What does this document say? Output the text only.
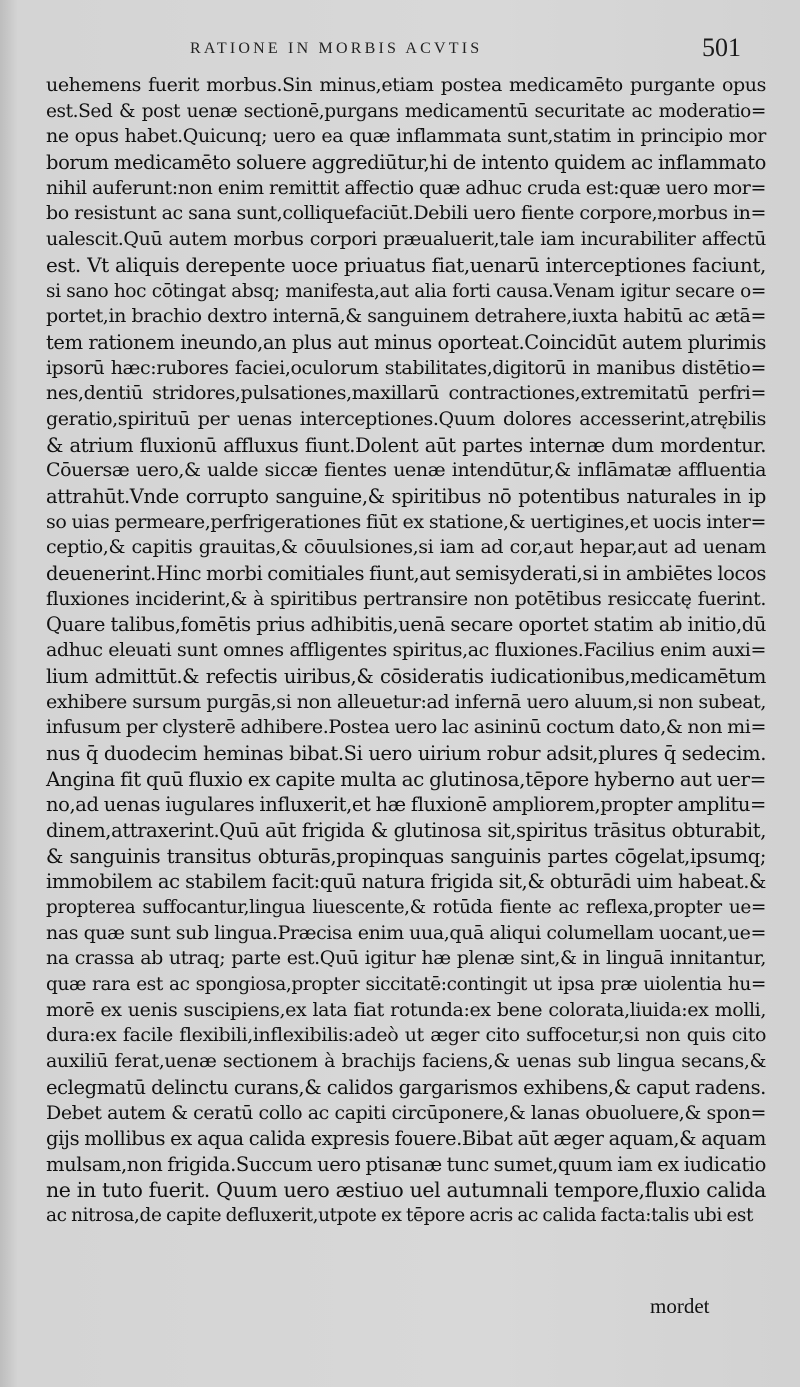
RATIONE IN MORBIS ACVTIS	501
uehemens fuerit morbus.Sin minus,etiam postea medicamēto purgante opus
est.Sed & post uenæ sectionē,purgans medicamentū securitate ac moderatio=
ne opus habet.Quicunq; uero ea quæ inflammata sunt,statim in principio mor
borum medicamēto soluere aggrediūtur,hi de intento quidem ac inflammato
nihil auferunt:non enim remittit affectio quæ adhuc cruda est:quæ uero mor=
bo resistunt ac sana sunt,colliquefaciūt.Debili uero fiente corpore,morbus in=
ualescit.Quū autem morbus corpori præualuerit,tale iam incurabiliter affectū
est. Vt aliquis derepente uoce priuatus fiat,uenarū interceptiones faciunt,
si sano hoc cōtingat absq; manifesta,aut alia forti causa.Venam igitur secare o=
portet,in brachio dextro internā,& sanguinem detrahere,iuxta habitū ac ætā=
tem rationem ineundo,an plus aut minus oporteat.Coincidūt autem plurimis
ipsorū hæc:rubores faciei,oculorum stabilitates,digitorū in manibus distētio=
nes,dentiū stridores,pulsationes,maxillarū contractiones,extremitatū perfri=
geratio,spirituū per uenas interceptiones.Quum dolores accesserint,atrębilis
& atrium fluxionū affluxus fiunt.Dolent aūt partes internæ dum mordentur.
Cōuersæ uero,& ualde siccæ fientes uenæ intendūtur,& inflāmatæ affluentia
attrahūt.Vnde corrupto sanguine,& spiritibus nō potentibus naturales in ip
so uias permeare,perfrigerationes fiūt ex statione,& uertigines,et uocis inter=
ceptio,& capitis grauitas,& cōuulsiones,si iam ad cor,aut hepar,aut ad uenam
deuenerint.Hinc morbi comitiales fiunt,aut semisyderati,si in ambiētes locos
fluxiones inciderint,& à spiritibus pertransire non potētibus resiccatę fuerint.
Quare talibus,fomētis prius adhibitis,uenā secare oportet statim ab initio,dū
adhuc eleuati sunt omnes affligentes spiritus,ac fluxiones.Facilius enim auxi=
lium admittūt.& refectis uiribus,& cōsideratis iudicationibus,medicamētum
exhibere sursum purgās,si non alleuetur:ad infernā uero aluum,si non subeat,
infusum per clysterē adhibere.Postea uero lac asininū coctum dato,& non mi=
nus q̄ duodecim heminas bibat.Si uero uirium robur adsit,plures q̄ sedecim.
Angina fit quū fluxio ex capite multa ac glutinosa,tēpore hyberno aut uer=
no,ad uenas iugulares influxerit,et hæ fluxionē ampliorem,propter amplitu=
dinem,attraxerint.Quū aūt frigida & glutinosa sit,spiritus trāsitus obturabit,
& sanguinis transitus obturās,propinquas sanguinis partes cōgelat,ipsumq;
immobilem ac stabilem facit:quū natura frigida sit,& obturādi uim habeat.&
propterea suffocantur,lingua liuescente,& rotūda fiente ac reflexa,propter ue=
nas quæ sunt sub lingua.Præcisa enim uua,quā aliqui columellam uocant,ue=
na crassa ab utraq; parte est.Quū igitur hæ plenæ sint,& in linguā innitantur,
quæ rara est ac spongiosa,propter siccitatē:contingit ut ipsa præ uiolentia hu=
morē ex uenis suscipiens,ex lata fiat rotunda:ex bene colorata,liuida:ex molli,
dura:ex facile flexibili,inflexibilis:adeò ut æger cito suffocetur,si non quis cito
auxiliū ferat,uenæ sectionem à brachijs faciens,& uenas sub lingua secans,&
eclegmatū delinctu curans,& calidos gargarismos exhibens,& caput radens.
Debet autem & ceratū collo ac capiti circūponere,& lanas obuoluere,& spon=
gijs mollibus ex aqua calida expresis fouere.Bibat aūt æger aquam,& aquam
mulsam,non frigida.Succum uero ptisanæ tunc sumet,quum iam ex iudicatio
ne in tuto fuerit. Quum uero æstiuo uel autumnali tempore,fluxio calida
ac nitrosa,de capite defluxerit,utpote ex tēpore acris ac calida facta:talis ubi est
mordet
